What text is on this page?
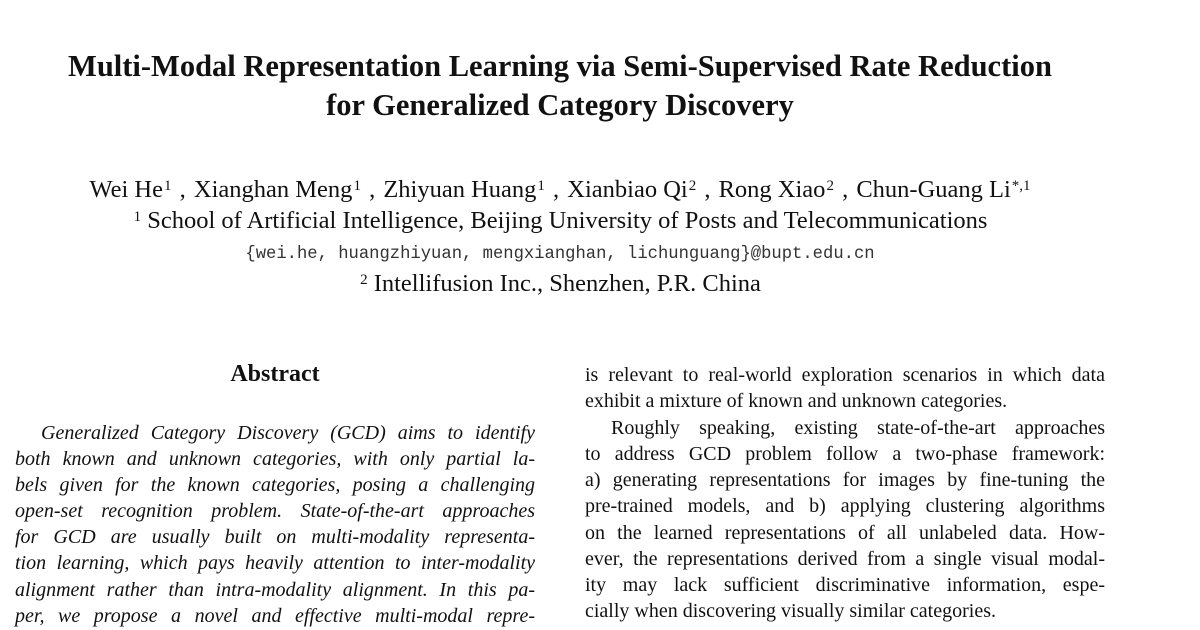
Multi-Modal Representation Learning via Semi-Supervised Rate Reduction
for Generalized Category Discovery
Wei He$^1$ , Xianghan Meng$^1$ , Zhiyuan Huang$^1$ , Xianbiao Qi$^2$ , Rong Xiao$^2$ , Chun-Guang $Li^{*,1}$
$^1$ School of Artificial Intelligence, Beijing University of Posts and Telecommunications
{wei.he, huangzhiyuan, mengxianghan, lichunguang}@bupt.edu.cn
$^2$ Intellifusion Inc., Shenzhen, P.R. China
Abstract
Generalized Category Discovery (GCD) aims to identify
both known and unknown categories, with only partial la-
bels given for the known categories, posing a challenging
open-set recognition problem. State-of-the-art approaches
for GCD are usually built on multi-modality representa-
tion learning, which pays heavily attention to inter-modality
alignment rather than intra-modality alignment. In this pa-
per, we propose a novel and effective multi-modal repre-
is relevant to real-world exploration scenarios in which data
exhibit a mixture of known and unknown categories.
Roughly speaking, existing state-of-the-art approaches
to address GCD problem follow a two-phase framework:
a) generating representations for images by fine-tuning the
pre-trained models, and b) applying clustering algorithms
on the learned representations of all unlabeled data. How-
ever, the representations derived from a single visual modal-
ity may lack sufficient discriminative information, espe-
cially when discovering visually similar categories.
